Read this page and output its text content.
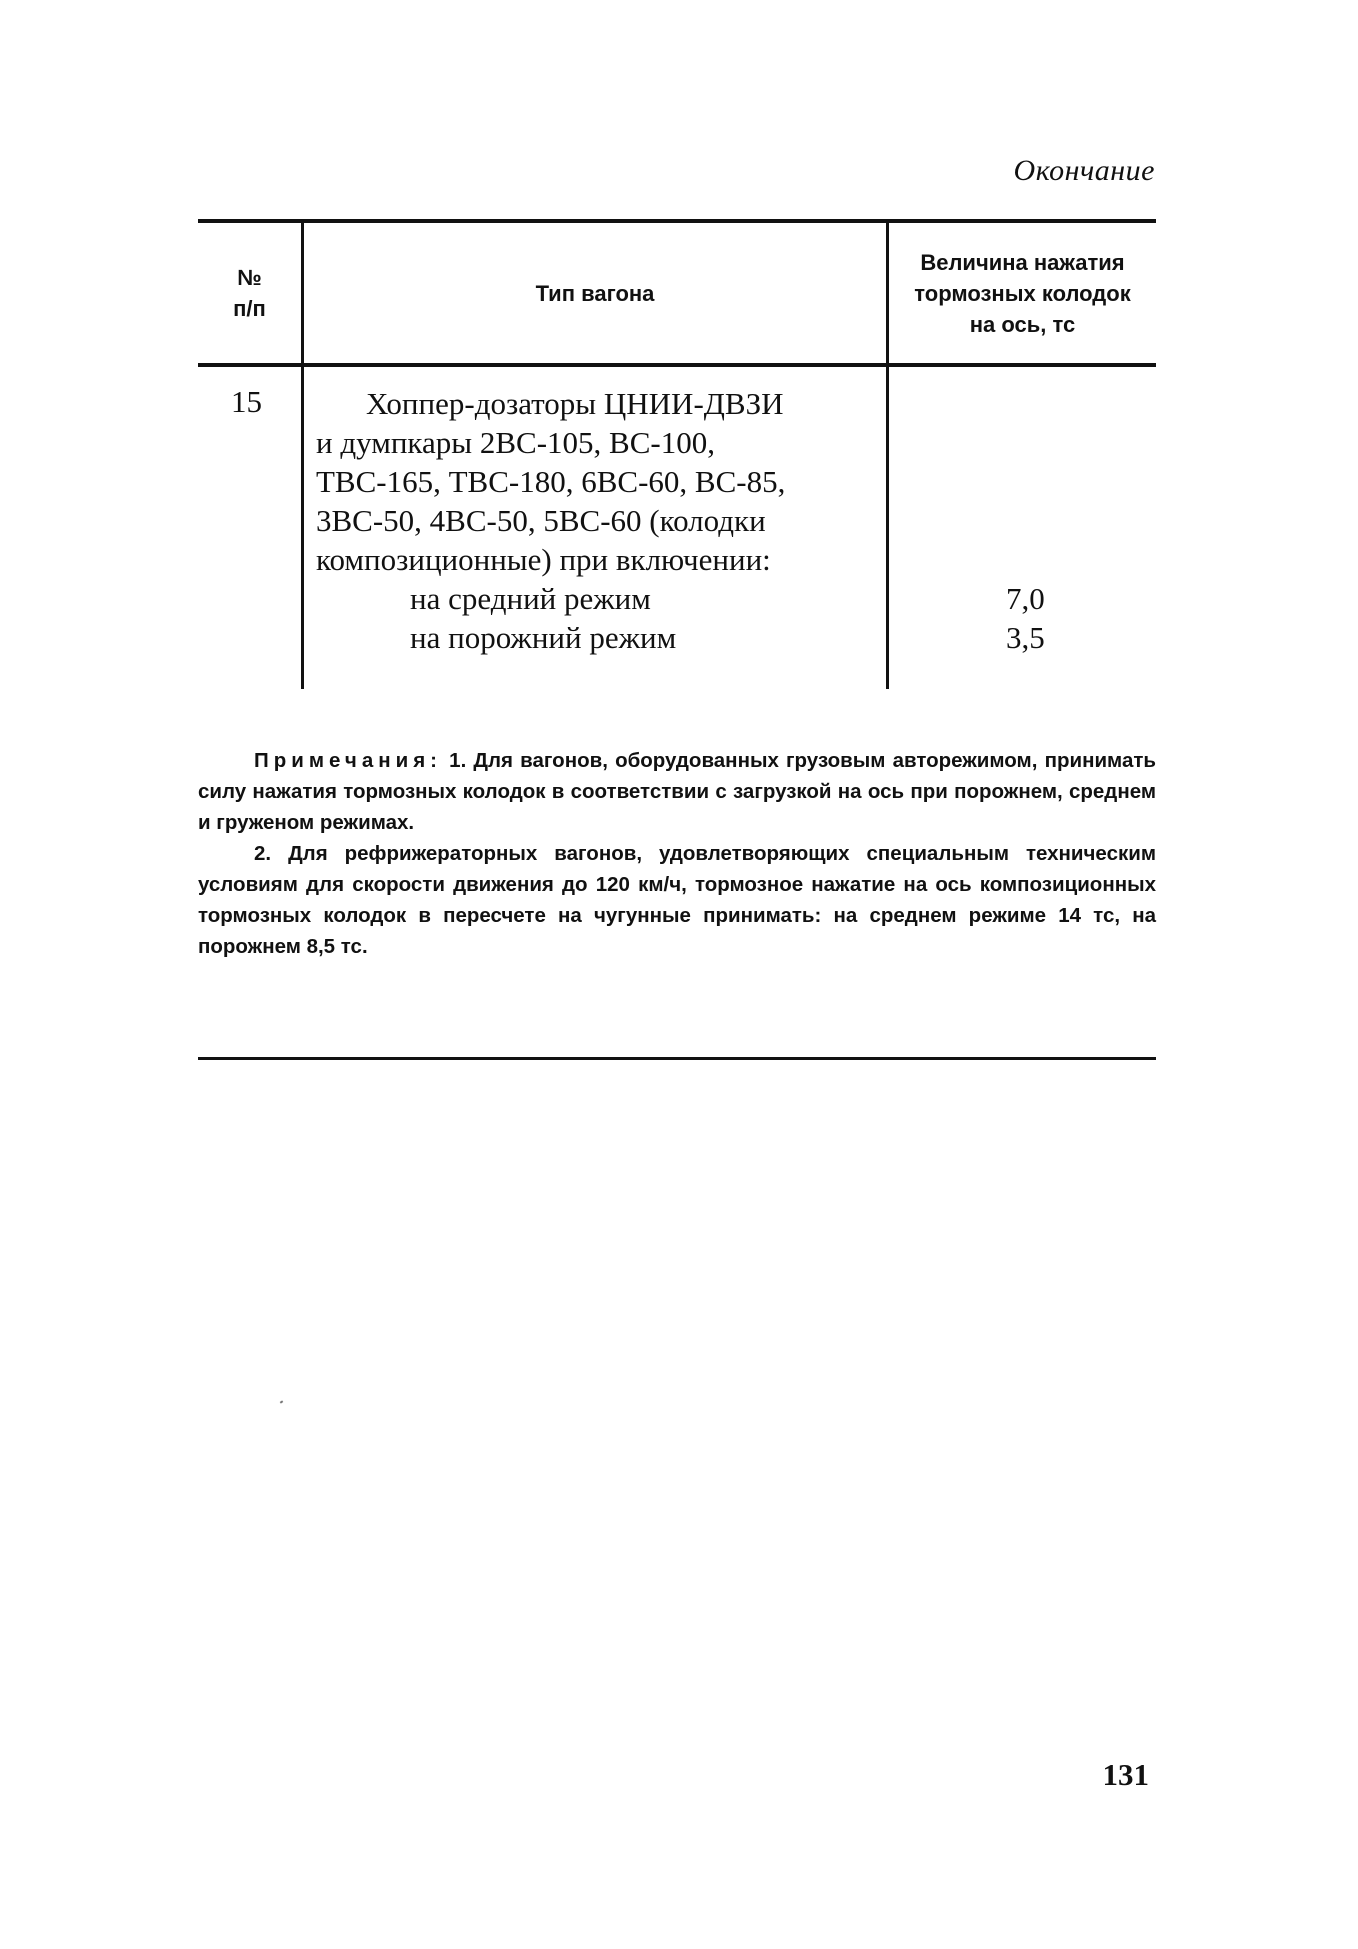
Окончание
№
п/п
Тип вагона
Величина нажатия
тормозных колодок
на ось, тс
15	Хоппер-дозаторы ЦНИИ-ДВЗИ
и думпкары 2ВС-105, ВС-100,
ТВС-165, ТВС-180, 6ВС-60, ВС-85,
3ВС-50, 4ВС-50, 5ВС-60 (колодки
композиционные) при включении:
на средний режим
на порожний режим
7,0
3,5

Примечания: 1. Для вагонов, оборудованных грузовым авторежимом, принимать силу нажатия тормозных колодок в соответствии с загрузкой на ось при порожнем, среднем и груженом режимах.

2. Для рефрижераторных вагонов, удовлетворяющих специальным техническим условиям для скорости движения до 120 км/ч, тормозное нажатие на ось композиционных тормозных колодок в пересчете на чугунные принимать: на среднем режиме 14 тс, на порожнем 8,5 тс.

131
